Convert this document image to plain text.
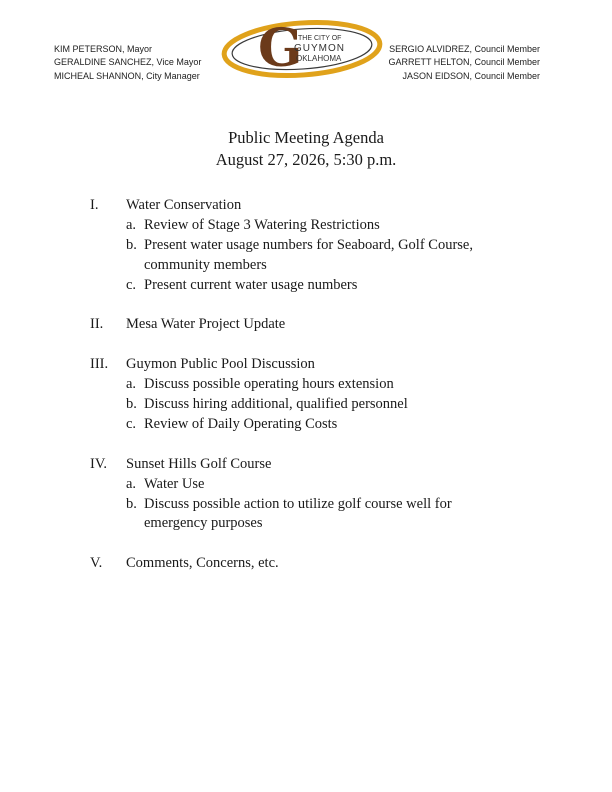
KIM PETERSON, Mayor
GERALDINE SANCHEZ, Vice Mayor
MICHEAL SHANNON, City Manager
SERGIO ALVIDREZ, Council Member
GARRETT HELTON, Council Member
JASON EIDSON, Council Member
G
THE CITY OF
GUYMON
OKLAHOMA
Public Meeting Agenda
August 27, 2026, 5:30 p.m.
I. Water Conservation
a. Review of Stage 3 Watering Restrictions
b. Present water usage numbers for Seaboard, Golf Course,
community members
c. Present current water usage numbers
II. Mesa Water Project Update
III. Guymon Public Pool Discussion
a. Discuss possible operating hours extension
b. Discuss hiring additional, qualified personnel
c. Review of Daily Operating Costs
IV. Sunset Hills Golf Course
a. Water Use
b. Discuss possible action to utilize golf course well for
emergency purposes
V. Comments, Concerns, etc.
